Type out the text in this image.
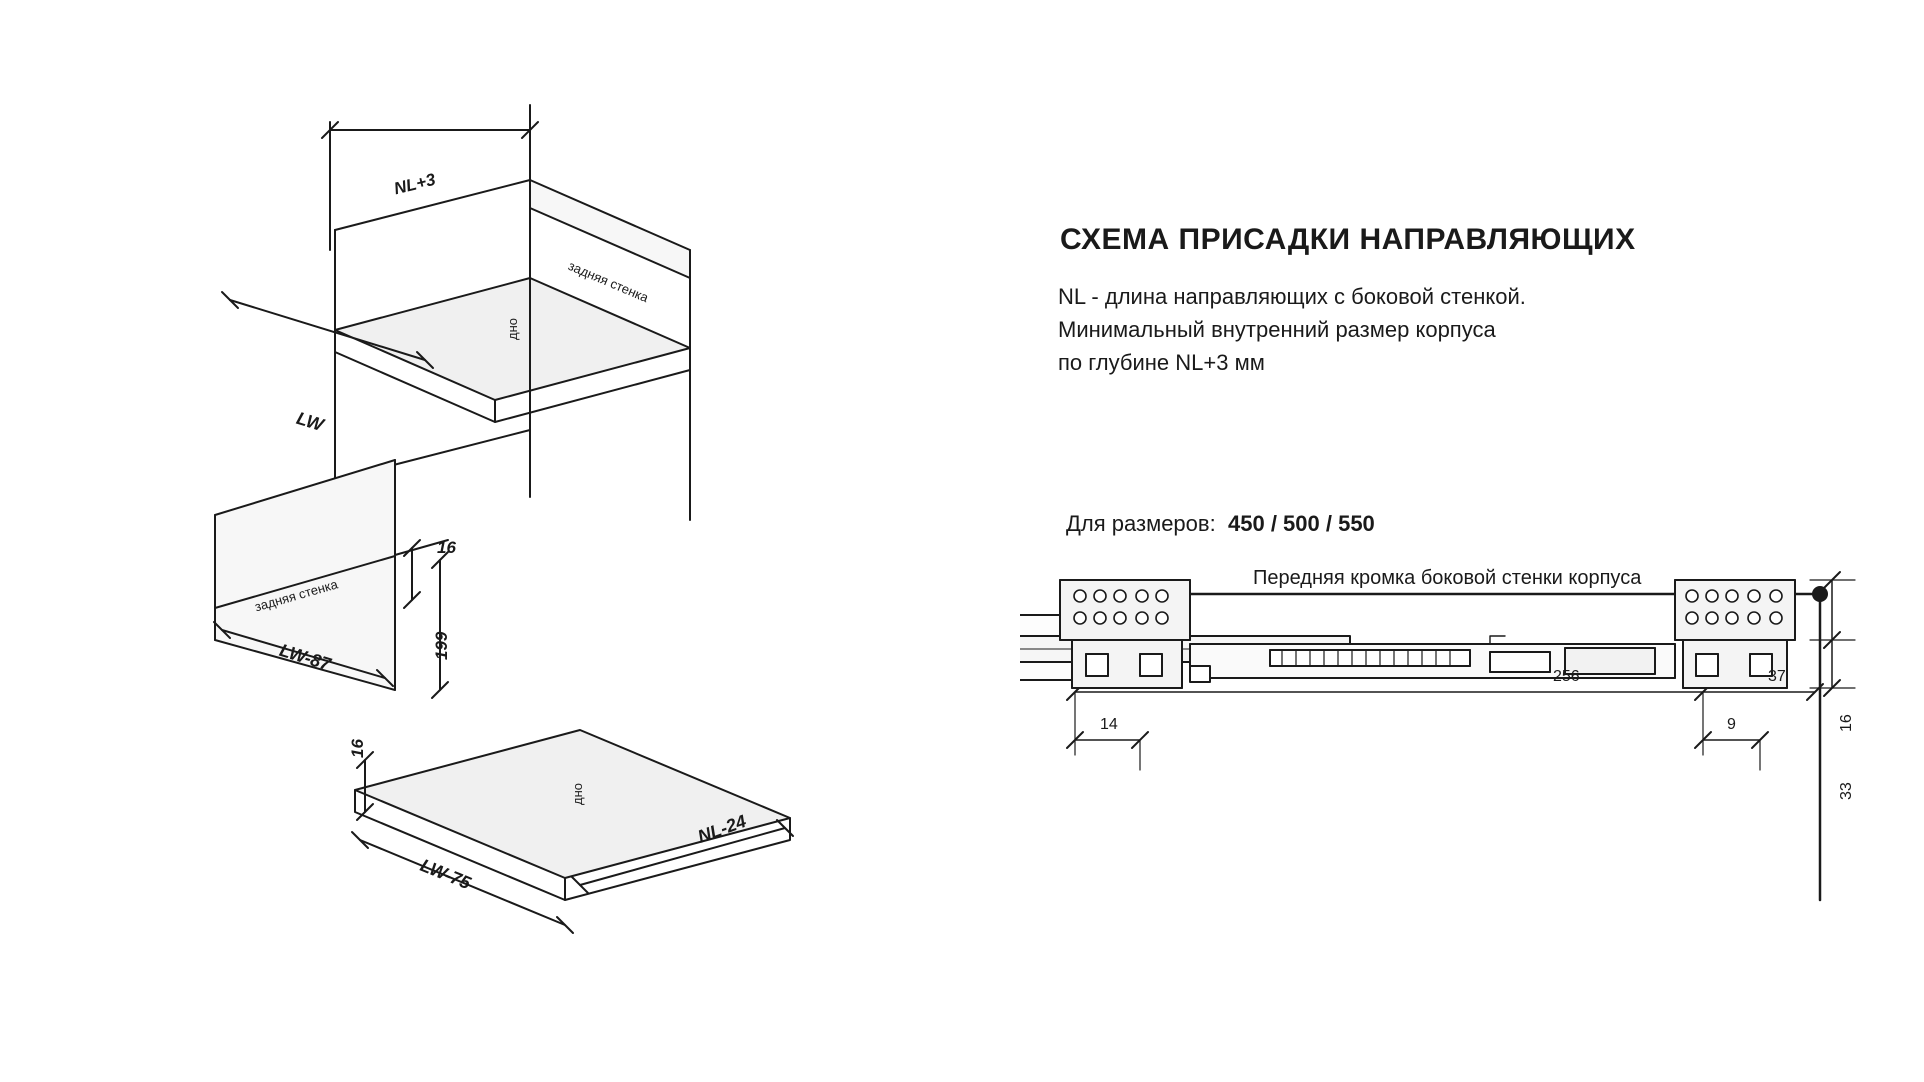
NL+3
задняя стенка
дно
LW
задняя стенка
LW-87	199
16
дно
16
LW-75
NL-24
СХЕМА ПРИСАДКИ НАПРАВЛЯЮЩИХ
NL - длина направляющих с боковой стенкой.
Минимальный внутренний размер корпуса
по глубине NL+3 мм
Для размеров: 450 / 500 / 550
Передняя кромка боковой стенки корпуса
256	37
14	9	16
33
